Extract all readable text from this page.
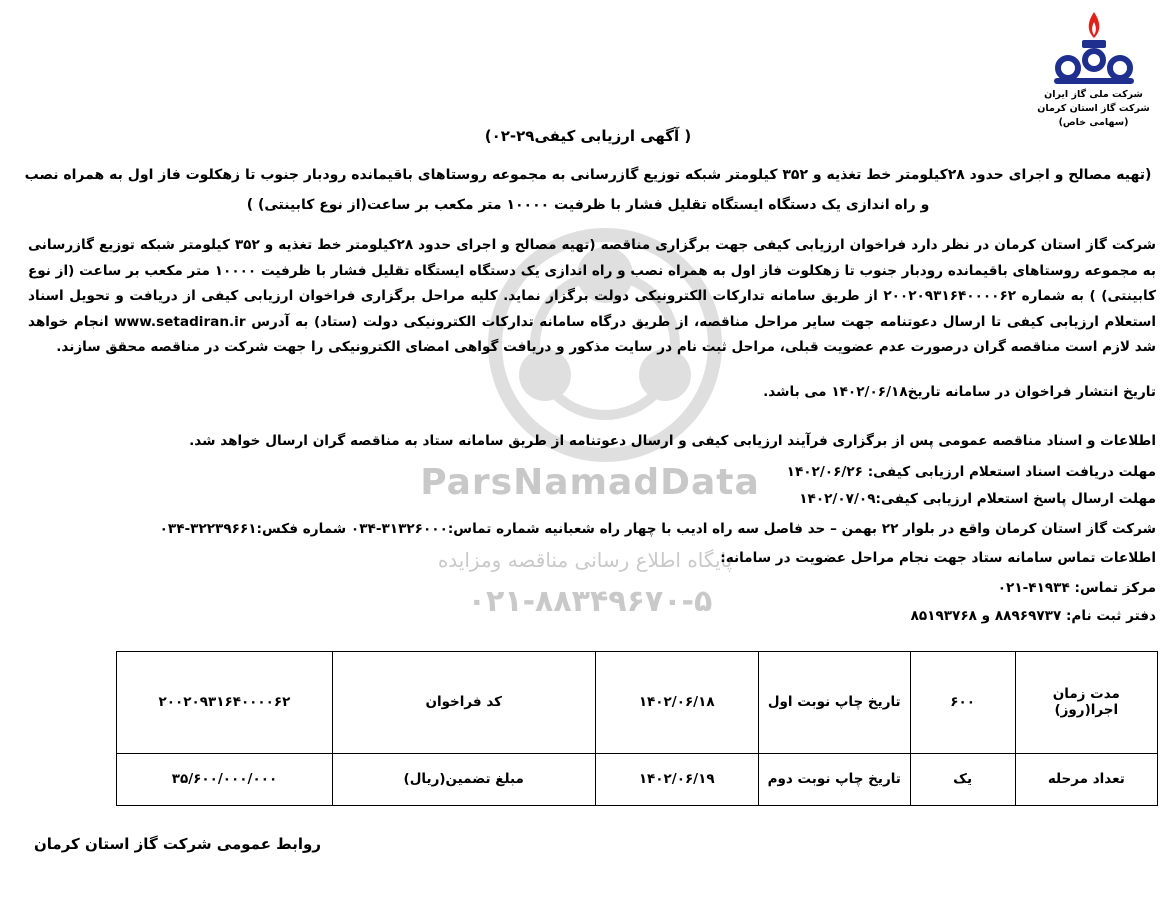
ParsNamadData
پایگاه اطلاع رسانی مناقصه ومزایده
۰۲۱-۸۸۳۴۹۶۷۰-۵
شرکت ملی گاز ایران
شرکت گاز استان کرمان
(سهامی خاص)
( آگهی ارزیابی کیفی۲۹-۰۲)
(تهیه مصالح و اجرای حدود ۲۸کیلومتر خط تغذیه و ۳۵۲ کیلومتر شبکه توزیع گازرسانی به مجموعه روستاهای باقیمانده رودبار جنوب تا زهکلوت فاز اول به همراه نصب و راه اندازی یک دستگاه ایستگاه تقلیل فشار با ظرفیت ۱۰۰۰۰ متر مکعب بر ساعت(از نوع کابینتی) )
شرکت گاز استان کرمان در نظر دارد فراخوان ارزیابی کیفی جهت برگزاری مناقصه (تهیه مصالح و اجرای حدود ۲۸کیلومتر خط تغذیه و ۳۵۲ کیلومتر شبکه توزیع گازرسانی به مجموعه روستاهای باقیمانده رودبار جنوب تا زهکلوت فاز اول به همراه نصب و راه اندازی یک دستگاه ایستگاه تقلیل فشار با ظرفیت ۱۰۰۰۰ متر مکعب بر ساعت (از نوع کابینتی) ) به شماره ۲۰۰۲۰۹۳۱۶۴۰۰۰۰۶۲ از طریق سامانه تدارکات الکترونیکی دولت برگزار نماید. کلیه مراحل برگزاری فراخوان ارزیابی کیفی از دریافت و تحویل اسناد استعلام ارزیابی کیفی تا ارسال دعوتنامه جهت سایر مراحل مناقصه، از طریق درگاه سامانه تدارکات الکترونیکی دولت (ستاد) به آدرس www.setadiran.ir انجام خواهد شد لازم است مناقصه گران درصورت عدم عضویت قبلی، مراحل ثبت نام در سایت مذکور و دریافت گواهی امضای الکترونیکی را جهت شرکت در مناقصه محقق سازند.
تاریخ انتشار فراخوان در سامانه تاریخ۱۴۰۲/۰۶/۱۸ می باشد.
اطلاعات و اسناد مناقصه عمومی پس از برگزاری فرآیند ارزیابی کیفی و ارسال دعوتنامه از طریق سامانه ستاد به مناقصه گران ارسال خواهد شد.
مهلت دریافت اسناد استعلام ارزیابی کیفی: ۱۴۰۲/۰۶/۲۶
مهلت ارسال پاسخ استعلام ارزیابی کیفی:۱۴۰۲/۰۷/۰۹
شرکت گاز استان کرمان واقع در بلوار ۲۲ بهمن – حد فاصل سه راه ادیب با چهار راه شعبانیه شماره تماس:۳۱۳۲۶۰۰۰-۰۳۴ شماره فکس:۳۲۲۳۹۶۶۱-۰۳۴
اطلاعات تماس سامانه ستاد جهت نجام مراحل عضویت در سامانه:
مرکز تماس: ۴۱۹۳۴-۰۲۱
دفتر ثبت نام: ۸۸۹۶۹۷۳۷ و ۸۵۱۹۳۷۶۸
مدت زمان اجرا(روز)	۶۰۰	تاریخ چاپ نوبت اول	۱۴۰۲/۰۶/۱۸	کد فراخوان	۲۰۰۲۰۹۳۱۶۴۰۰۰۰۶۲
تعداد مرحله	یک	تاریخ چاپ نوبت دوم	۱۴۰۲/۰۶/۱۹	مبلغ تضمین(ریال)	۳۵/۶۰۰/۰۰۰/۰۰۰
روابط عمومی شرکت گاز استان کرمان
